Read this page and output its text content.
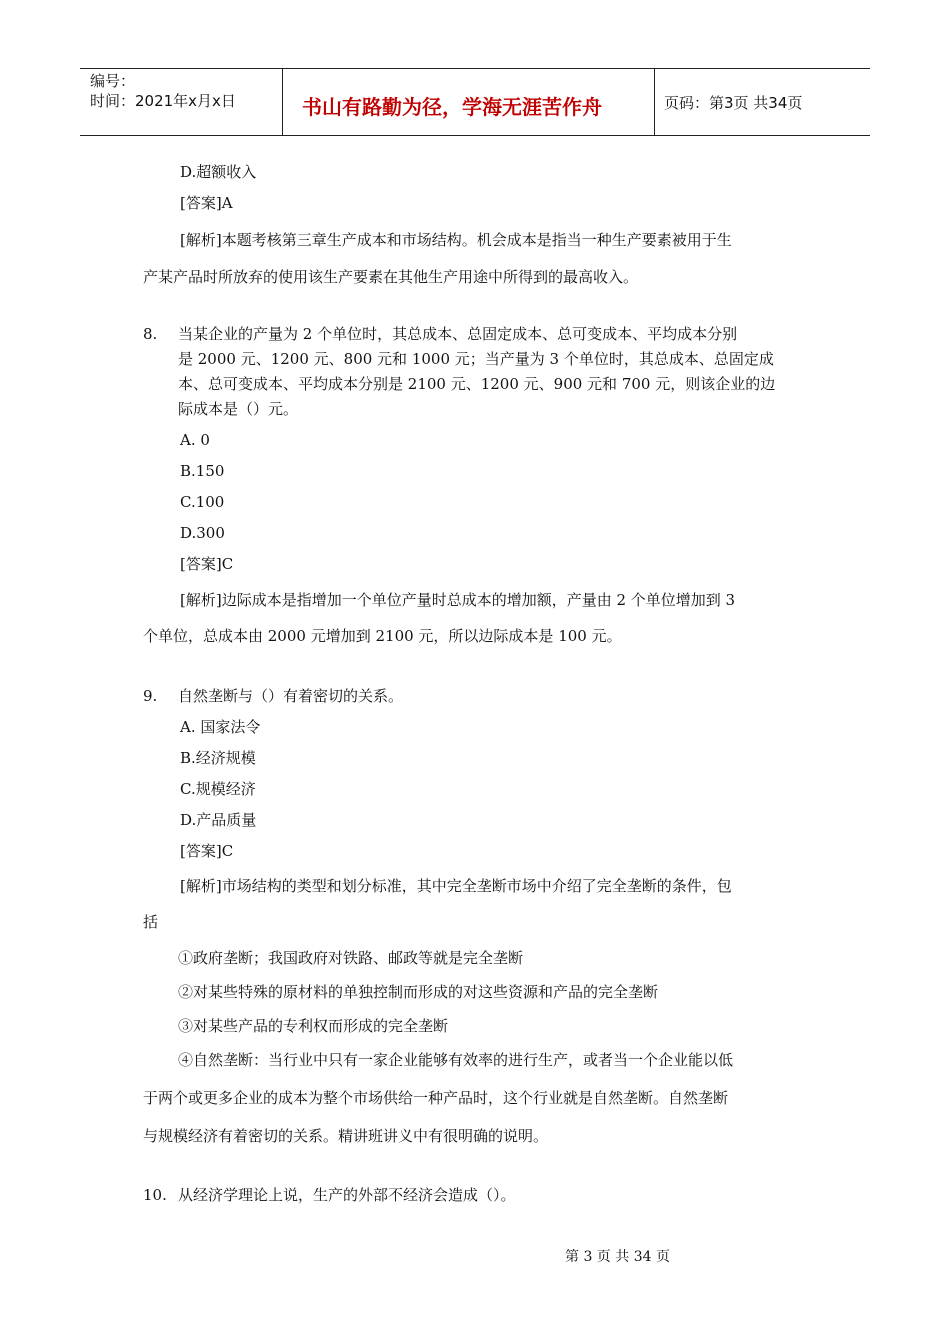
编号：
时间：2021年x月x日	书山有路勤为径，学海无涯苦作舟	页码：第3页 共34页
D.超额收入
[答案]A
[解析]本题考核第三章生产成本和市场结构。机会成本是指当一种生产要素被用于生
产某产品时所放弃的使用该生产要素在其他生产用途中所得到的最高收入。
8. 当某企业的产量为 2 个单位时，其总成本、总固定成本、总可变成本、平均成本分别
是 2000 元、1200 元、800 元和 1000 元；当产量为 3 个单位时，其总成本、总固定成
本、总可变成本、平均成本分别是 2100 元、1200 元、900 元和 700 元，则该企业的边
际成本是（）元。
A. 0
B.150
C.100
D.300
[答案]C
[解析]边际成本是指增加一个单位产量时总成本的增加额，产量由 2 个单位增加到 3
个单位，总成本由 2000 元增加到 2100 元，所以边际成本是 100 元。
9. 自然垄断与（）有着密切的关系。
A. 国家法令
B.经济规模
C.规模经济
D.产品质量
[答案]C
[解析]市场结构的类型和划分标准，其中完全垄断市场中介绍了完全垄断的条件，包
括
①政府垄断；我国政府对铁路、邮政等就是完全垄断
②对某些特殊的原材料的单独控制而形成的对这些资源和产品的完全垄断
③对某些产品的专利权而形成的完全垄断
④自然垄断：当行业中只有一家企业能够有效率的进行生产，或者当一个企业能以低
于两个或更多企业的成本为整个市场供给一种产品时，这个行业就是自然垄断。自然垄断
与规模经济有着密切的关系。精讲班讲义中有很明确的说明。
10. 从经济学理论上说，生产的外部不经济会造成（）。
第 3 页 共 34 页
